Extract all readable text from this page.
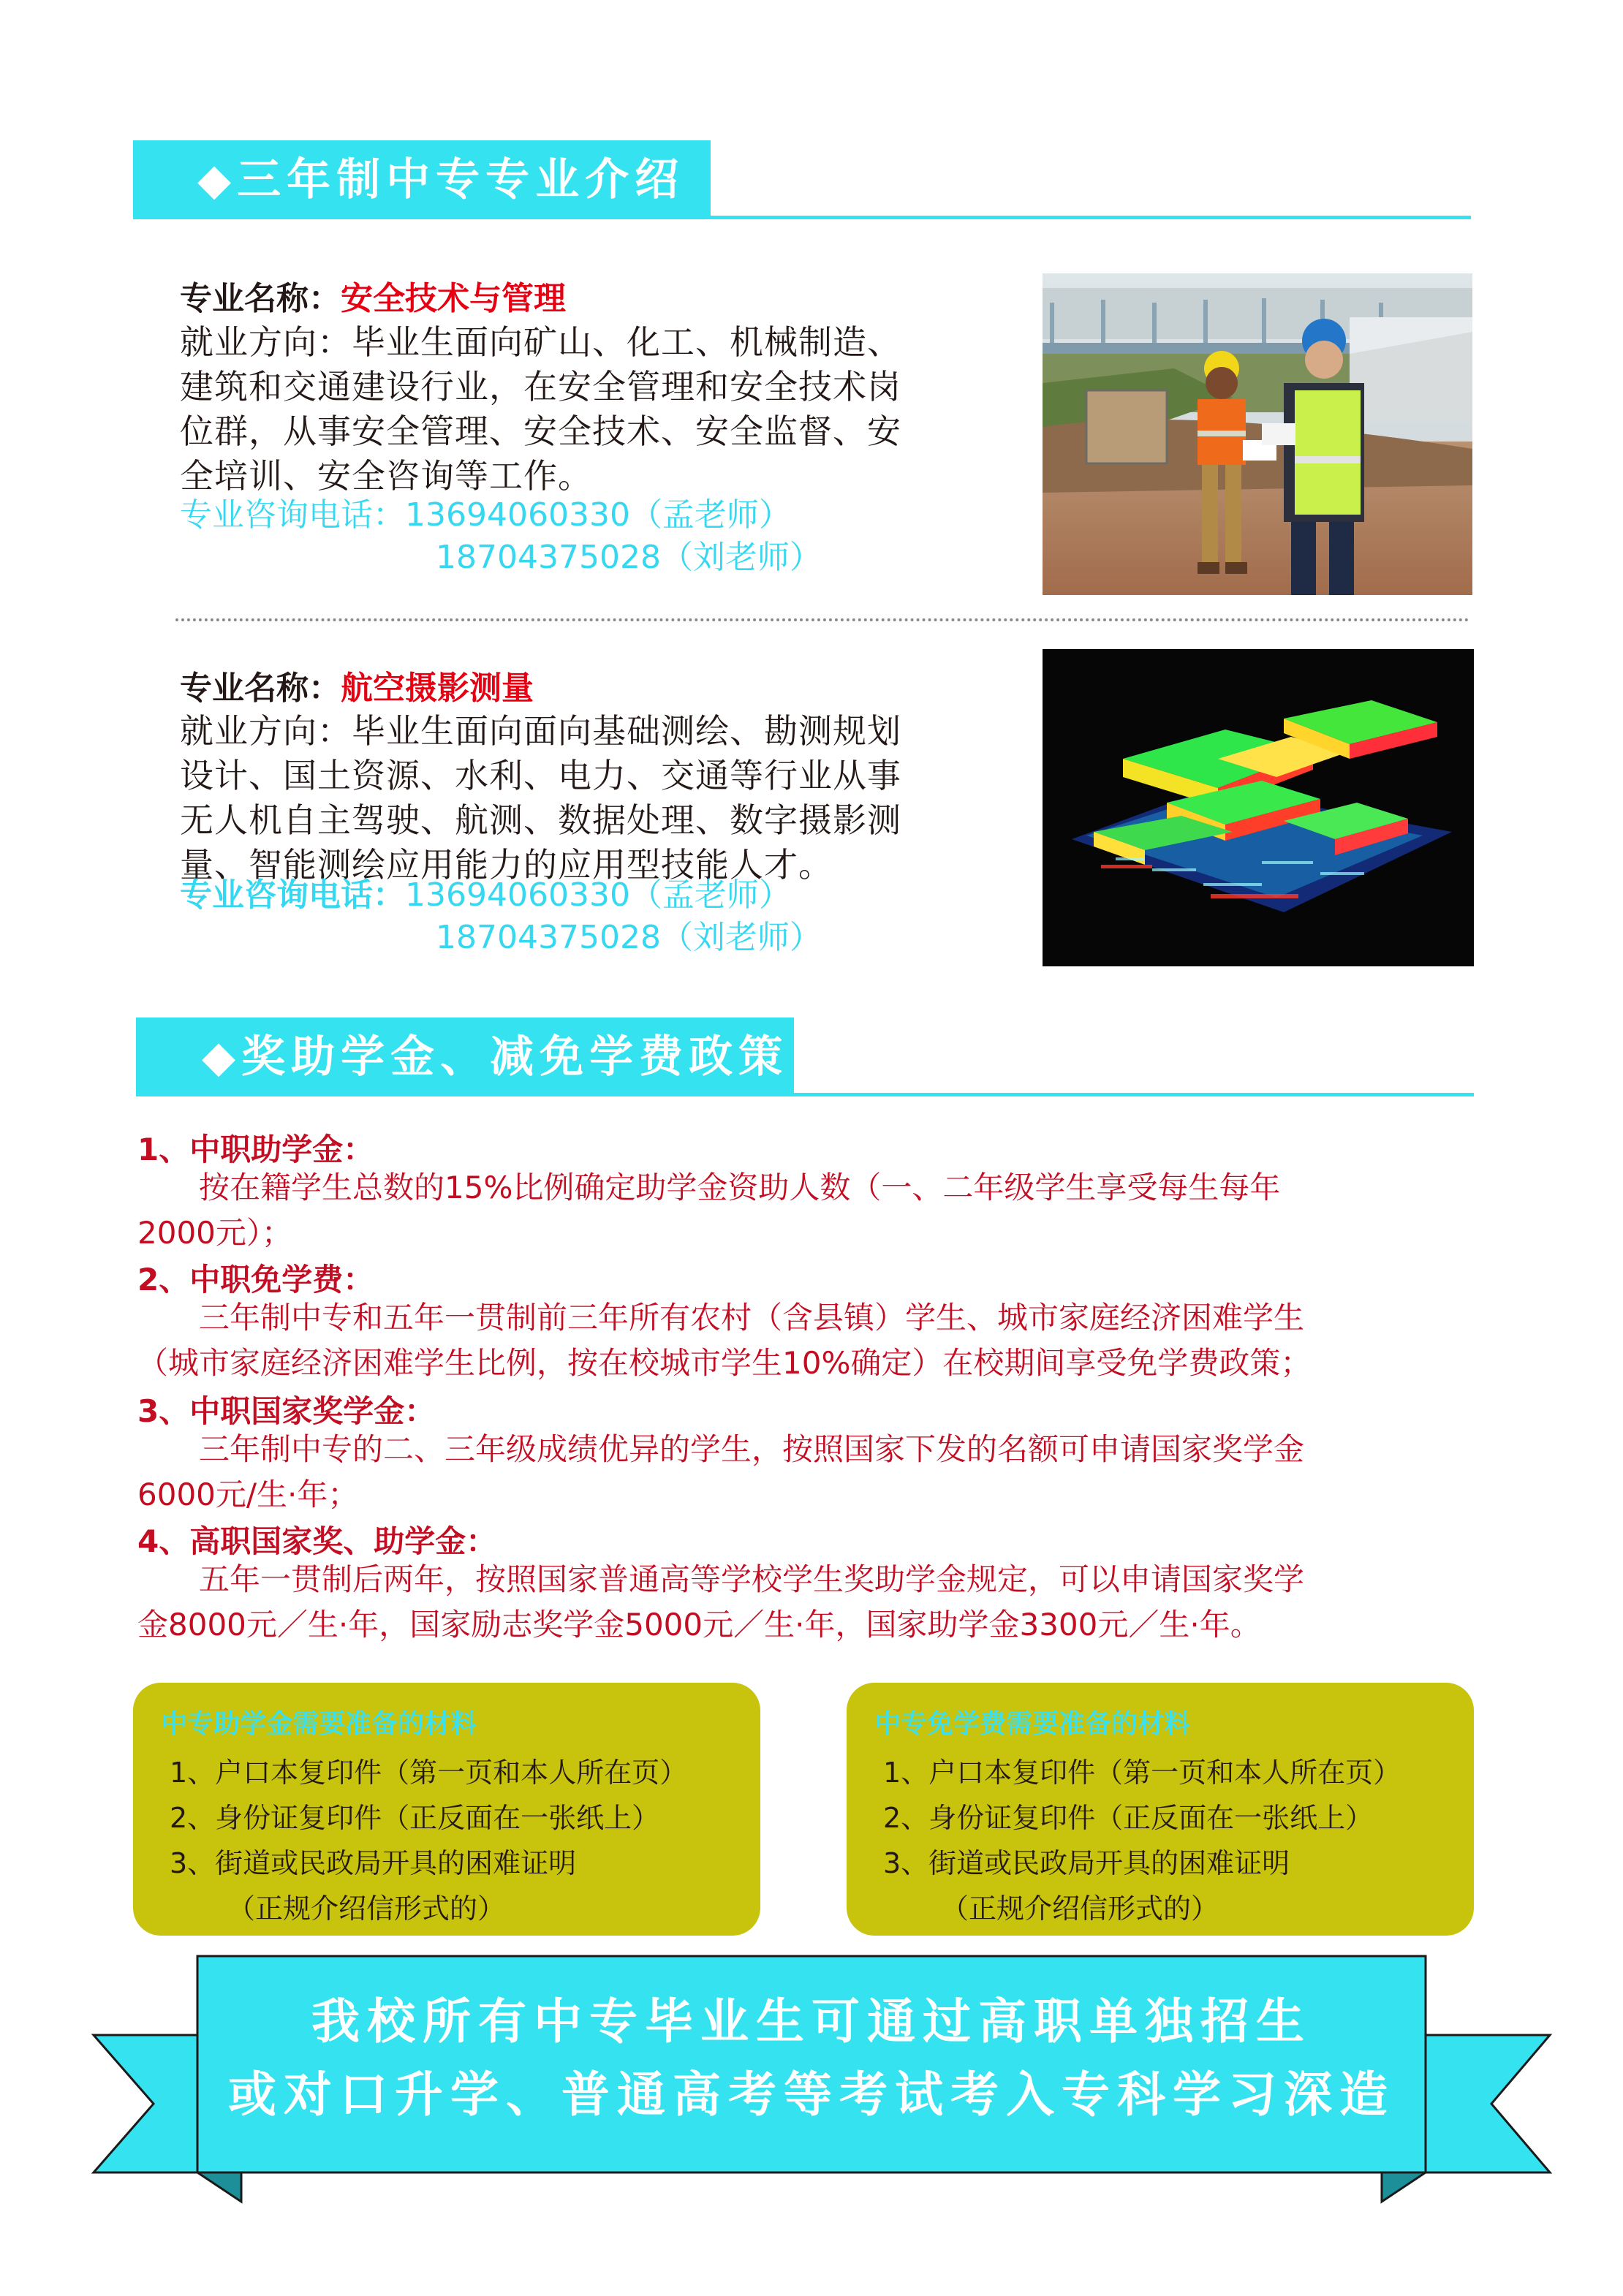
◆三年制中专专业介绍
专业名称：安全技术与管理
就业方向：毕业生面向矿山、化工、机械制造、
建筑和交通建设行业，在安全管理和安全技术岗
位群，从事安全管理、安全技术、安全监督、安
全培训、安全咨询等工作。
专业咨询电话：13694060330（孟老师）
18704375028（刘老师）
专业名称：航空摄影测量
就业方向：毕业生面向面向基础测绘、勘测规划
设计、国土资源、水利、电力、交通等行业从事
无人机自主驾驶、航测、数据处理、数字摄影测
量、智能测绘应用能力的应用型技能人才。
专业咨询电话：13694060330（孟老师）
18704375028（刘老师）
◆奖助学金、减免学费政策
1、中职助学金：
　　按在籍学生总数的15%比例确定助学金资助人数（一、二年级学生享受每生每年
2000元）；
2、中职免学费：
　　三年制中专和五年一贯制前三年所有农村（含县镇）学生、城市家庭经济困难学生
（城市家庭经济困难学生比例，按在校城市学生10%确定）在校期间享受免学费政策；
3、中职国家奖学金：
　　三年制中专的二、三年级成绩优异的学生，按照国家下发的名额可申请国家奖学金
6000元/生·年；
4、高职国家奖、助学金：
　　五年一贯制后两年，按照国家普通高等学校学生奖助学金规定，可以申请国家奖学
金8000元／生·年，国家励志奖学金5000元／生·年，国家助学金3300元／生·年。
中专助学金需要准备的材料
1、户口本复印件（第一页和本人所在页）
2、身份证复印件（正反面在一张纸上）
3、街道或民政局开具的困难证明
　（正规介绍信形式的）
中专免学费需要准备的材料
1、户口本复印件（第一页和本人所在页）
2、身份证复印件（正反面在一张纸上）
3、街道或民政局开具的困难证明
　（正规介绍信形式的）
我校所有中专毕业生可通过高职单独招生
或对口升学、普通高考等考试考入专科学习深造
